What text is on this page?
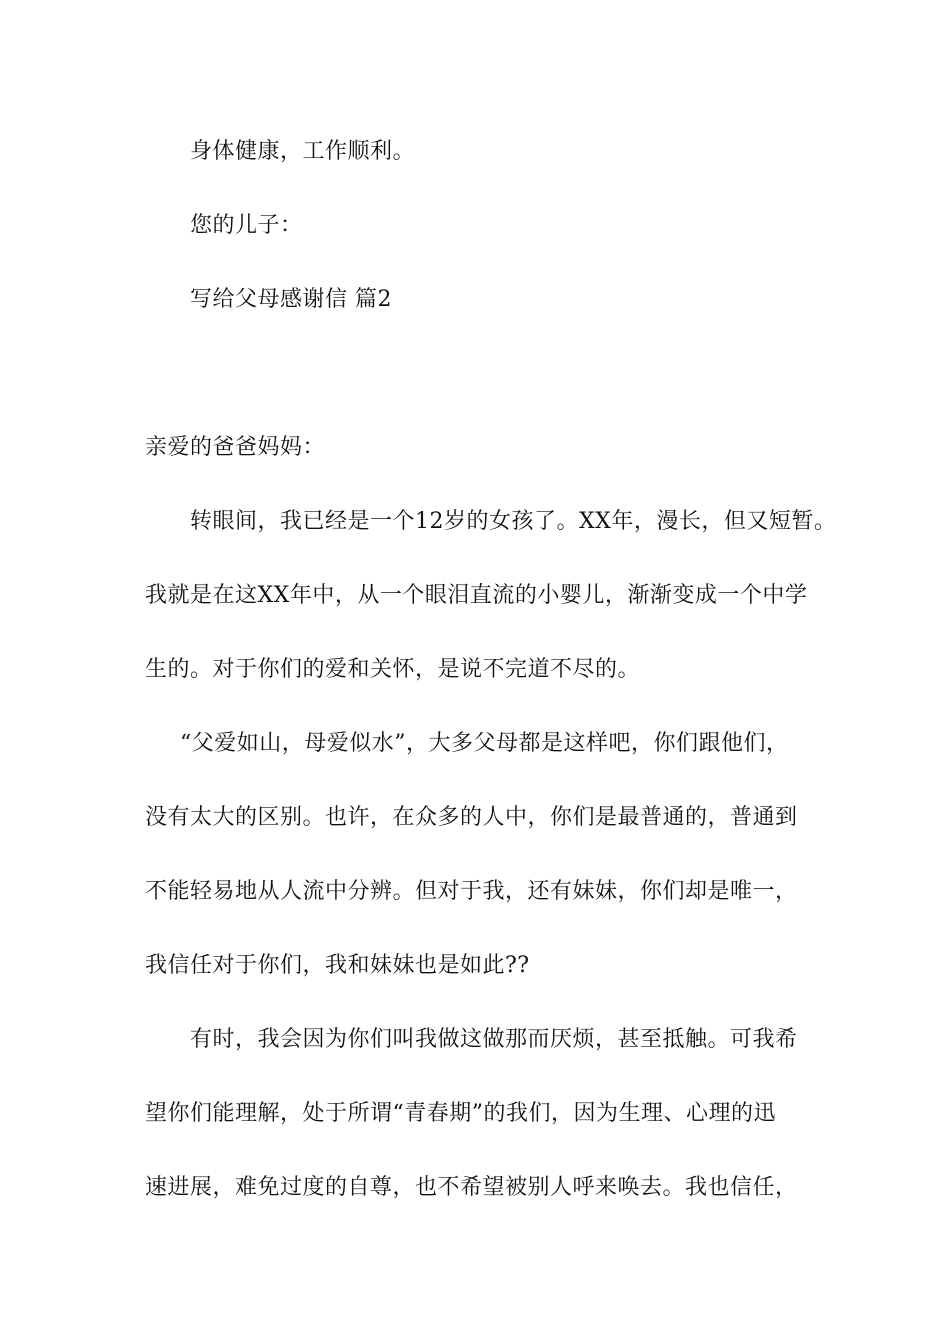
身体健康，工作顺利。
您的儿子：
写给父母感谢信 篇2
亲爱的爸爸妈妈：
转眼间，我已经是一个12岁的女孩了。XX年，漫长，但又短暂。
我就是在这XX年中，从一个眼泪直流的小婴儿，渐渐变成一个中学
生的。对于你们的爱和关怀，是说不完道不尽的。
“父爱如山，母爱似水”，大多父母都是这样吧，你们跟他们，
没有太大的区别。也许，在众多的人中，你们是最普通的，普通到
不能轻易地从人流中分辨。但对于我，还有妹妹，你们却是唯一，
我信任对于你们，我和妹妹也是如此??
有时，我会因为你们叫我做这做那而厌烦，甚至抵触。可我希
望你们能理解，处于所谓“青春期”的我们，因为生理、心理的迅
速进展，难免过度的自尊，也不希望被别人呼来唤去。我也信任，
